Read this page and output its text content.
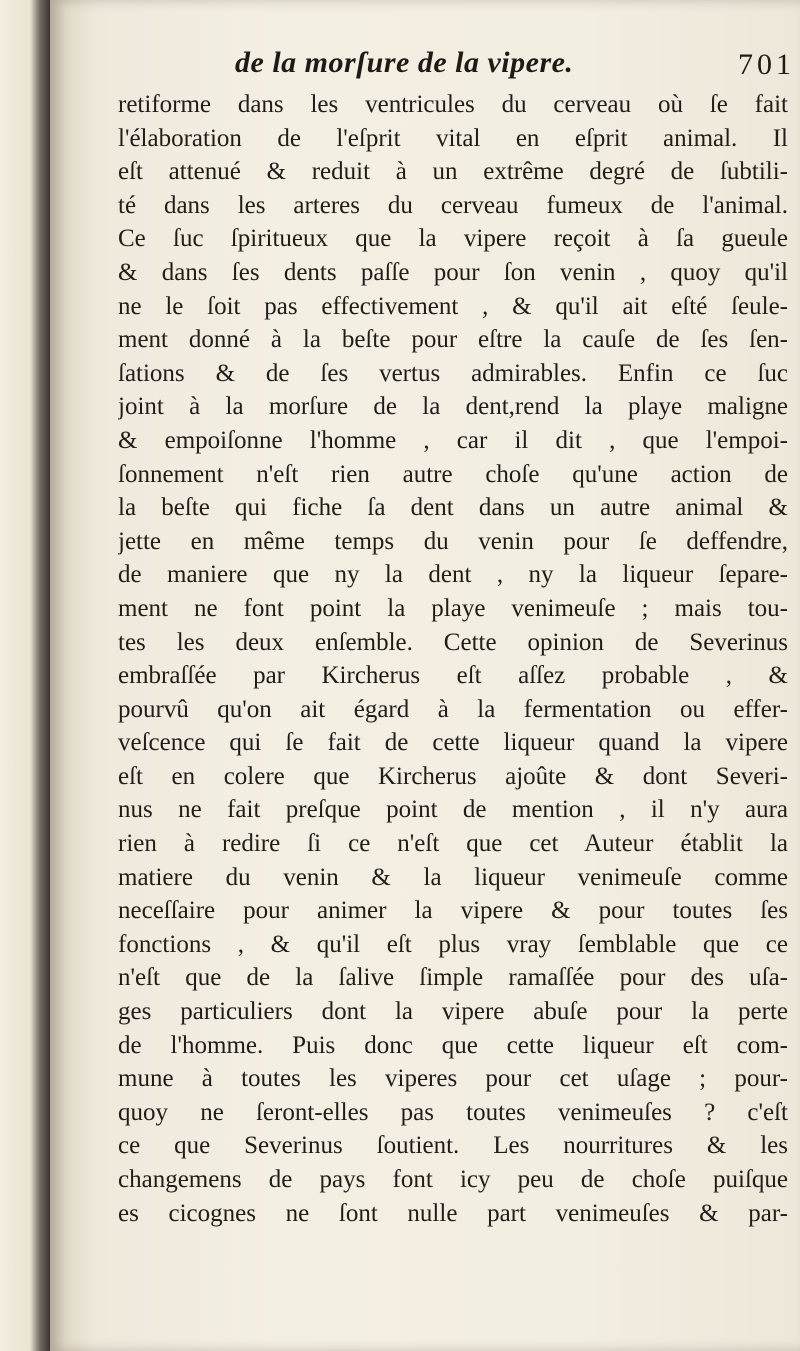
de la morſure de la vipere.	701
retiforme dans les ventricules du cerveau où ſe fait
l'élaboration de l'eſprit vital en eſprit animal. Il
eſt attenué & reduit à un extrême degré de ſubtili-
té dans les arteres du cerveau fumeux de l'animal.
Ce ſuc ſpiritueux que la vipere reçoit à ſa gueule
& dans ſes dents paſſe pour ſon venin , quoy qu'il
ne le ſoit pas effectivement , & qu'il ait eſté ſeule-
ment donné à la beſte pour eſtre la cauſe de ſes ſen-
ſations & de ſes vertus admirables. Enfin ce ſuc
joint à la morſure de la dent,rend la playe maligne
& empoiſonne l'homme , car il dit , que l'empoi-
ſonnement n'eſt rien autre choſe qu'une action de
la beſte qui fiche ſa dent dans un autre animal &
jette en même temps du venin pour ſe deffendre,
de maniere que ny la dent , ny la liqueur ſepare-
ment ne font point la playe venimeuſe ; mais tou-
tes les deux enſemble. Cette opinion de Severinus
embraſſée par Kircherus eſt aſſez probable , &
pourvû qu'on ait égard à la fermentation ou effer-
veſcence qui ſe fait de cette liqueur quand la vipere
eſt en colere que Kircherus ajoûte & dont Severi-
nus ne fait preſque point de mention , il n'y aura
rien à redire ſi ce n'eſt que cet Auteur établit la
matiere du venin & la liqueur venimeuſe comme
neceſſaire pour animer la vipere & pour toutes ſes
fonctions , & qu'il eſt plus vray ſemblable que ce
n'eſt que de la ſalive ſimple ramaſſée pour des uſa-
ges particuliers dont la vipere abuſe pour la perte
de l'homme. Puis donc que cette liqueur eſt com-
mune à toutes les viperes pour cet uſage ; pour-
quoy ne ſeront-elles pas toutes venimeuſes ? c'eſt
ce que Severinus ſoutient. Les nourritures & les
changemens de pays font icy peu de choſe puiſque
es cicognes ne ſont nulle part venimeuſes & par-
